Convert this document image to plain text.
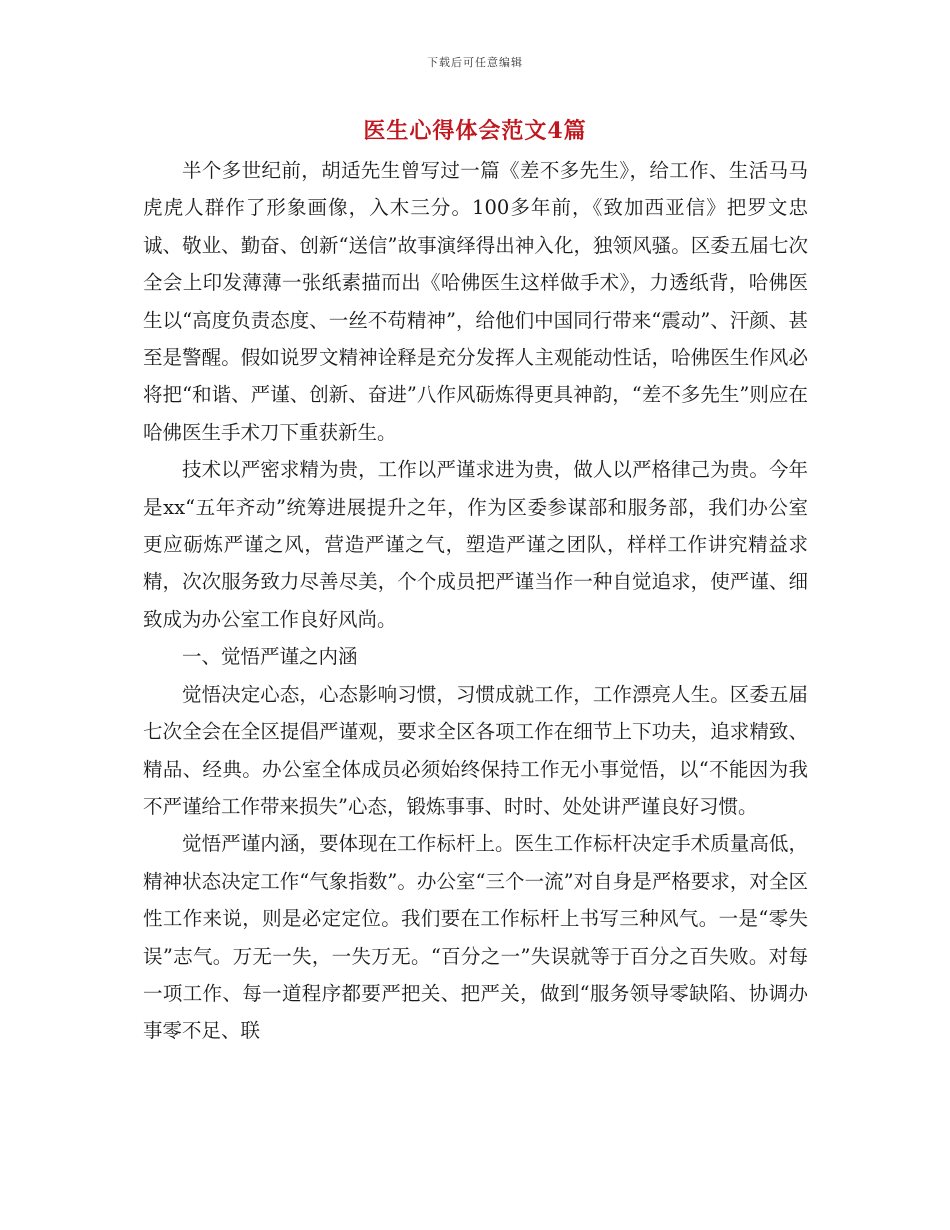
下载后可任意编辑
医生心得体会范文4篇

半个多世纪前，胡适先生曾写过一篇《差不多先生》，给工作、生活马马虎虎人群作了形象画像，入木三分。100多年前，《致加西亚信》把罗文忠诚、敬业、勤奋、创新“送信”故事演绎得出神入化，独领风骚。区委五届七次全会上印发薄薄一张纸素描而出《哈佛医生这样做手术》，力透纸背，哈佛医生以“高度负责态度、一丝不苟精神”，给他们中国同行带来“震动”、汗颜、甚至是警醒。假如说罗文精神诠释是充分发挥人主观能动性话，哈佛医生作风必将把“和谐、严谨、创新、奋进”八作风砺炼得更具神韵，“差不多先生”则应在哈佛医生手术刀下重获新生。

技术以严密求精为贵，工作以严谨求进为贵，做人以严格律己为贵。今年是xx“五年齐动”统筹进展提升之年，作为区委参谋部和服务部，我们办公室更应砺炼严谨之风，营造严谨之气，塑造严谨之团队，样样工作讲究精益求精，次次服务致力尽善尽美，个个成员把严谨当作一种自觉追求，使严谨、细致成为办公室工作良好风尚。

一、觉悟严谨之内涵

觉悟决定心态，心态影响习惯，习惯成就工作，工作漂亮人生。区委五届七次全会在全区提倡严谨观，要求全区各项工作在细节上下功夫，追求精致、精品、经典。办公室全体成员必须始终保持工作无小事觉悟，以“不能因为我不严谨给工作带来损失”心态，锻炼事事、时时、处处讲严谨良好习惯。

觉悟严谨内涵，要体现在工作标杆上。医生工作标杆决定手术质量高低，精神状态决定工作“气象指数”。办公室“三个一流”对自身是严格要求，对全区性工作来说，则是必定定位。我们要在工作标杆上书写三种风气。一是“零失误”志气。万无一失，一失万无。“百分之一”失误就等于百分之百失败。对每一项工作、每一道程序都要严把关、把严关，做到“服务领导零缺陷、协调办事零不足、联
